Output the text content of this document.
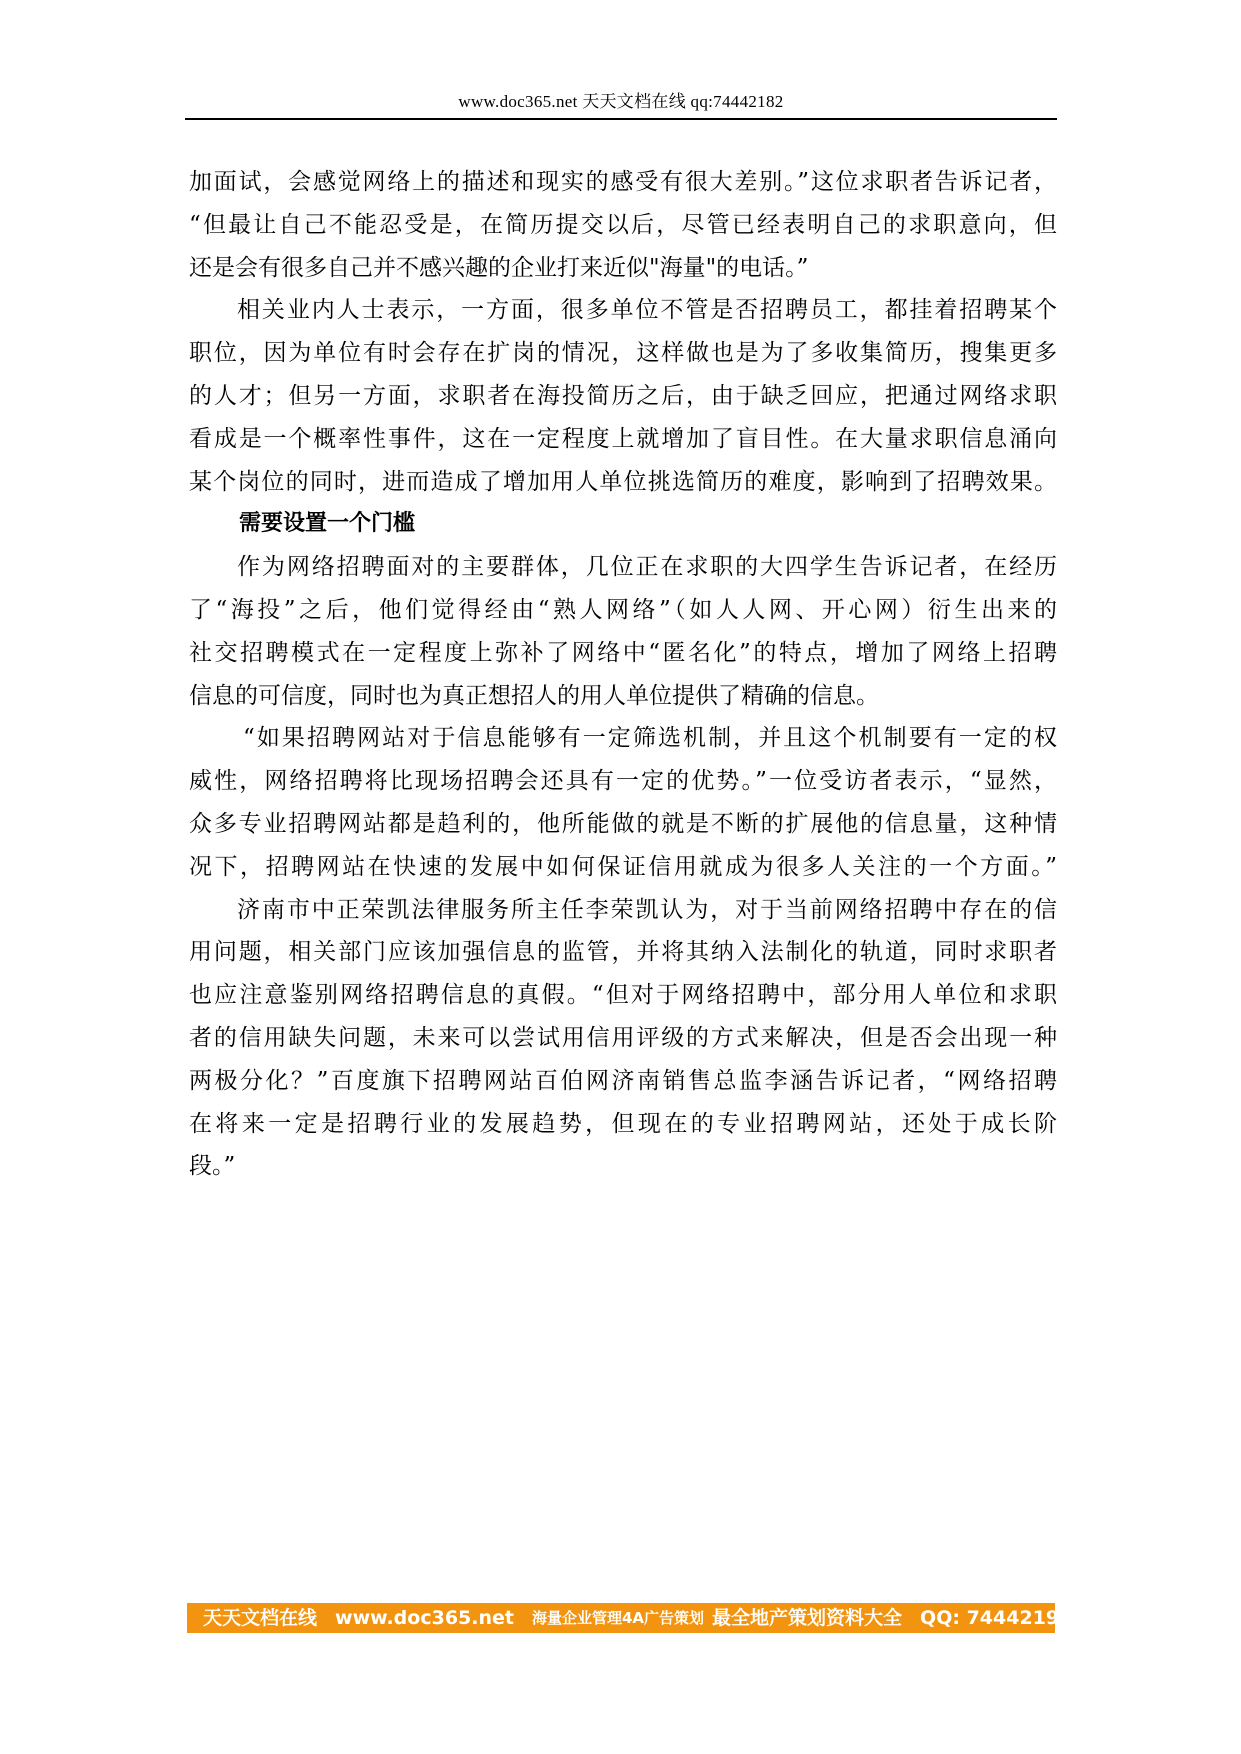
www.doc365.net 天天文档在线 qq:74442182
加面试，会感觉网络上的描述和现实的感受有很大差别。”这位求职者告诉记者，
“但最让自己不能忍受是，在简历提交以后，尽管已经表明自己的求职意向，但
还是会有很多自己并不感兴趣的企业打来近似"海量"的电话。”
相关业内人士表示，一方面，很多单位不管是否招聘员工，都挂着招聘某个
职位，因为单位有时会存在扩岗的情况，这样做也是为了多收集简历，搜集更多
的人才；但另一方面，求职者在海投简历之后，由于缺乏回应，把通过网络求职
看成是一个概率性事件，这在一定程度上就增加了盲目性。在大量求职信息涌向
某个岗位的同时，进而造成了增加用人单位挑选简历的难度，影响到了招聘效果。
需要设置一个门槛
作为网络招聘面对的主要群体，几位正在求职的大四学生告诉记者，在经历
了“海投”之后，他们觉得经由“熟人网络”（如人人网、开心网）衍生出来的
社交招聘模式在一定程度上弥补了网络中“匿名化”的特点，增加了网络上招聘
信息的可信度，同时也为真正想招人的用人单位提供了精确的信息。
“如果招聘网站对于信息能够有一定筛选机制，并且这个机制要有一定的权
威性，网络招聘将比现场招聘会还具有一定的优势。”一位受访者表示，“显然，
众多专业招聘网站都是趋利的，他所能做的就是不断的扩展他的信息量，这种情
况下，招聘网站在快速的发展中如何保证信用就成为很多人关注的一个方面。”
济南市中正荣凯法律服务所主任李荣凯认为，对于当前网络招聘中存在的信
用问题，相关部门应该加强信息的监管，并将其纳入法制化的轨道，同时求职者
也应注意鉴别网络招聘信息的真假。“但对于网络招聘中，部分用人单位和求职
者的信用缺失问题，未来可以尝试用信用评级的方式来解决，但是否会出现一种
两极分化？”百度旗下招聘网站百伯网济南销售总监李涵告诉记者，“网络招聘
在将来一定是招聘行业的发展趋势，但现在的专业招聘网站，还处于成长阶
段。”
天天文档在线 www.doc365.net 海量企业管理4A广告策划 最全地产策划资料大全 QQ: 744421982
